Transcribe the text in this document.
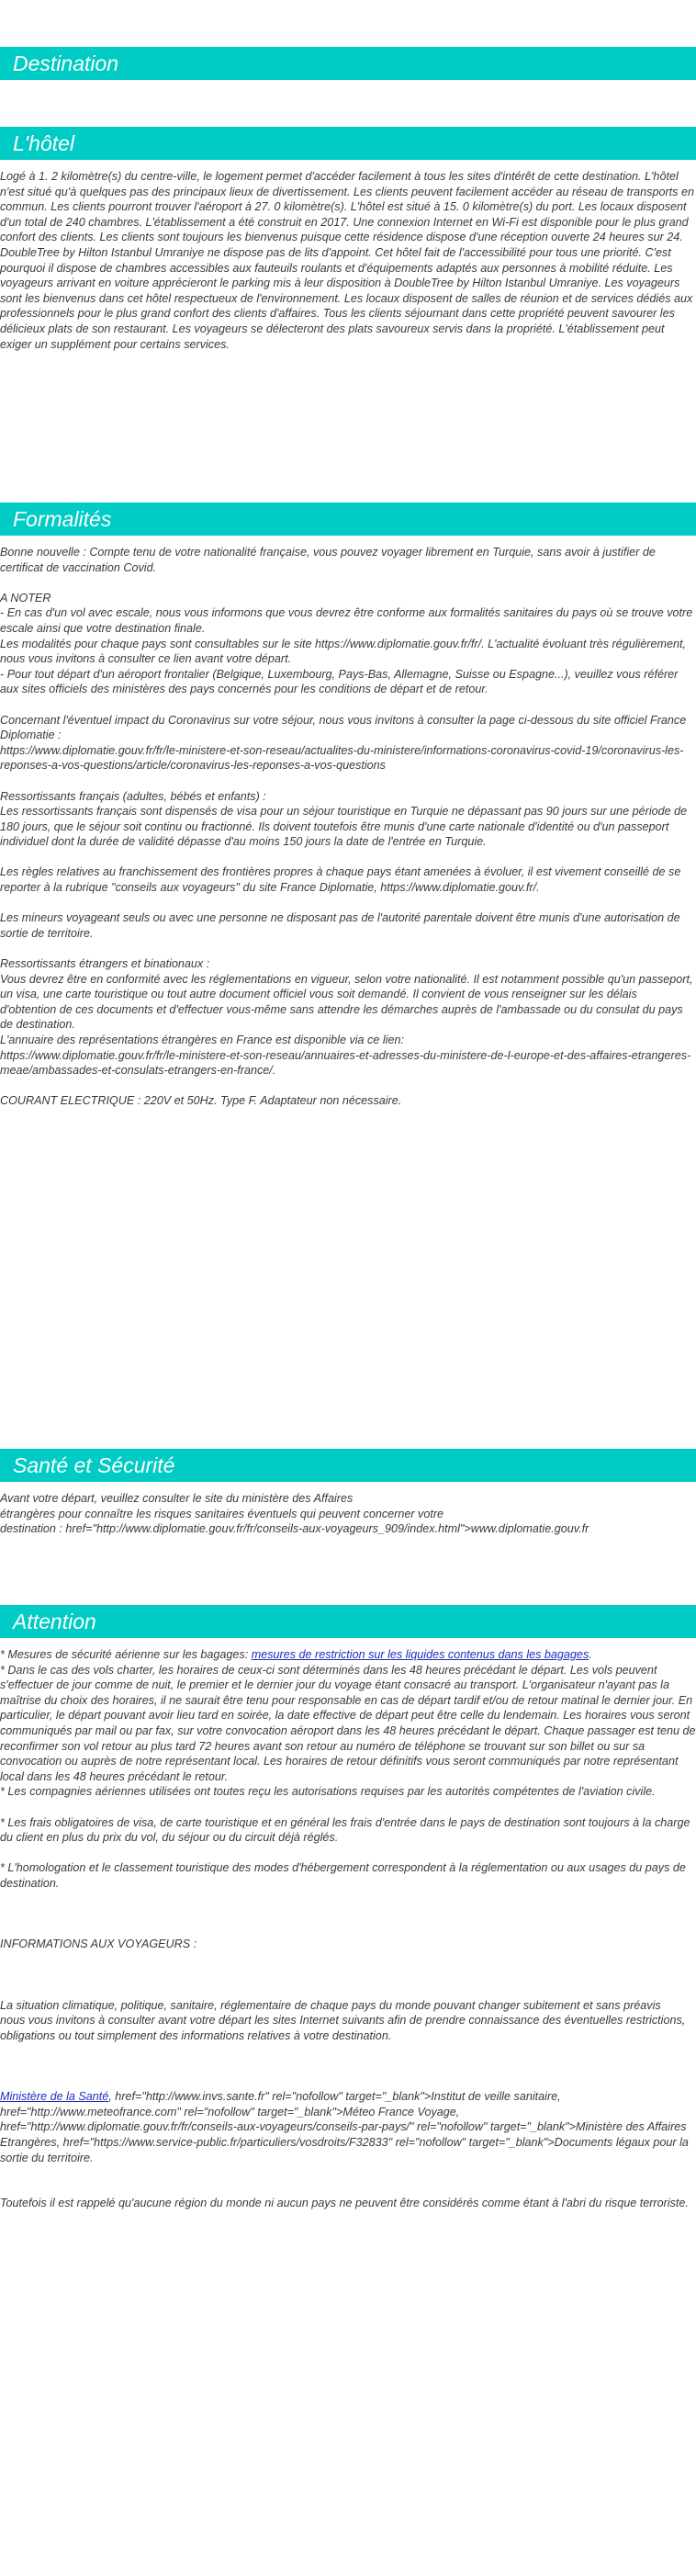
Destination
L'hôtel
Logé à 1. 2 kilomètre(s) du centre-ville, le logement permet d'accéder facilement à tous les sites d'intérêt de cette destination. L'hôtel n'est situé qu'à quelques pas des principaux lieux de divertissement. Les clients peuvent facilement accéder au réseau de transports en commun. Les clients pourront trouver l'aéroport à 27. 0 kilomètre(s). L'hôtel est situé à 15. 0 kilomètre(s) du port. Les locaux disposent d'un total de 240 chambres. L'établissement a été construit en 2017. Une connexion Internet en Wi-Fi est disponible pour le plus grand confort des clients. Les clients sont toujours les bienvenus puisque cette résidence dispose d'une réception ouverte 24 heures sur 24. DoubleTree by Hilton Istanbul Umraniye ne dispose pas de lits d'appoint. Cet hôtel fait de l'accessibilité pour tous une priorité. C'est pourquoi il dispose de chambres accessibles aux fauteuils roulants et d'équipements adaptés aux personnes à mobilité réduite. Les voyageurs arrivant en voiture apprécieront le parking mis à leur disposition à DoubleTree by Hilton Istanbul Umraniye. Les voyageurs sont les bienvenus dans cet hôtel respectueux de l'environnement. Les locaux disposent de salles de réunion et de services dédiés aux professionnels pour le plus grand confort des clients d'affaires. Tous les clients séjournant dans cette propriété peuvent savourer les délicieux plats de son restaurant. Les voyageurs se délecteront des plats savoureux servis dans la propriété. L'établissement peut exiger un supplément pour certains services.
Formalités
Bonne nouvelle : Compte tenu de votre nationalité française, vous pouvez voyager librement en Turquie, sans avoir à justifier de certificat de vaccination Covid.
A NOTER
- En cas d'un vol avec escale, nous vous informons que vous devrez être conforme aux formalités sanitaires du pays où se trouve votre escale ainsi que votre destination finale.
Les modalités pour chaque pays sont consultables sur le site https://www.diplomatie.gouv.fr/fr/. L'actualité évoluant très régulièrement, nous vous invitons à consulter ce lien avant votre départ.
- Pour tout départ d'un aéroport frontalier (Belgique, Luxembourg, Pays-Bas, Allemagne, Suisse ou Espagne...), veuillez vous référer aux sites officiels des ministères des pays concernés pour les conditions de départ et de retour.
Concernant l'éventuel impact du Coronavirus sur votre séjour, nous vous invitons à consulter la page ci-dessous du site officiel France Diplomatie :
https://www.diplomatie.gouv.fr/fr/le-ministere-et-son-reseau/actualites-du-ministere/informations-coronavirus-covid-19/coronavirus-les-reponses-a-vos-questions/article/coronavirus-les-reponses-a-vos-questions
Ressortissants français (adultes, bébés et enfants) :
Les ressortissants français sont dispensés de visa pour un séjour touristique en Turquie ne dépassant pas 90 jours sur une période de 180 jours, que le séjour soit continu ou fractionné. Ils doivent toutefois être munis d'une carte nationale d'identité ou d'un passeport individuel dont la durée de validité dépasse d'au moins 150 jours la date de l'entrée en Turquie.
Les règles relatives au franchissement des frontières propres à chaque pays étant amenées à évoluer, il est vivement conseillé de se reporter à la rubrique "conseils aux voyageurs" du site France Diplomatie, https://www.diplomatie.gouv.fr/.
Les mineurs voyageant seuls ou avec une personne ne disposant pas de l'autorité parentale doivent être munis d'une autorisation de sortie de territoire.
Ressortissants étrangers et binationaux :
Vous devrez être en conformité avec les réglementations en vigueur, selon votre nationalité. Il est notamment possible qu'un passeport, un visa, une carte touristique ou tout autre document officiel vous soit demandé. Il convient de vous renseigner sur les délais d'obtention de ces documents et d'effectuer vous-même sans attendre les démarches auprès de l'ambassade ou du consulat du pays de destination.
L'annuaire des représentations étrangères en France est disponible via ce lien:
https://www.diplomatie.gouv.fr/fr/le-ministere-et-son-reseau/annuaires-et-adresses-du-ministere-de-l-europe-et-des-affaires-etrangeres-meae/ambassades-et-consulats-etrangers-en-france/.
COURANT ELECTRIQUE : 220V et 50Hz. Type F. Adaptateur non nécessaire.
Santé et Sécurité
Avant votre départ, veuillez consulter le site du ministère des Affaires
étrangères pour connaître les risques sanitaires éventuels qui peuvent concerner votre
destination : href="http://www.diplomatie.gouv.fr/fr/conseils-aux-voyageurs_909/index.html">www.diplomatie.gouv.fr
Attention
* Mesures de sécurité aérienne sur les bagages: mesures de restriction sur les liquides contenus dans les bagages.
* Dans le cas des vols charter, les horaires de ceux-ci sont déterminés dans les 48 heures précédant le départ. Les vols peuvent s'effectuer de jour comme de nuit, le premier et le dernier jour du voyage étant consacré au transport. L'organisateur n'ayant pas la maîtrise du choix des horaires, il ne saurait être tenu pour responsable en cas de départ tardif et/ou de retour matinal le dernier jour. En particulier, le départ pouvant avoir lieu tard en soirée, la date effective de départ peut être celle du lendemain. Les horaires vous seront communiqués par mail ou par fax, sur votre convocation aéroport dans les 48 heures précédant le départ. Chaque passager est tenu de reconfirmer son vol retour au plus tard 72 heures avant son retour au numéro de téléphone se trouvant sur son billet ou sur sa convocation ou auprès de notre représentant local. Les horaires de retour définitifs vous seront communiqués par notre représentant local dans les 48 heures précédant le retour.
* Les compagnies aériennes utilisées ont toutes reçu les autorisations requises par les autorités compétentes de l'aviation civile.
* Les frais obligatoires de visa, de carte touristique et en général les frais d'entrée dans le pays de destination sont toujours à la charge du client en plus du prix du vol, du séjour ou du circuit déjà réglés.
* L'homologation et le classement touristique des modes d'hébergement correspondent à la réglementation ou aux usages du pays de destination.
INFORMATIONS AUX VOYAGEURS :
La situation climatique, politique, sanitaire, réglementaire de chaque pays du monde pouvant changer subitement et sans préavis
nous vous invitons à consulter avant votre départ les sites Internet suivants afin de prendre connaissance des éventuelles restrictions, obligations ou tout simplement des informations relatives à votre destination.
Ministère de la Santé, href="http://www.invs.sante.fr" rel="nofollow" target="_blank">Institut de veille sanitaire, href="http://www.meteofrance.com" rel="nofollow" target="_blank">Méteo France Voyage, href="http://www.diplomatie.gouv.fr/fr/conseils-aux-voyageurs/conseils-par-pays/" rel="nofollow" target="_blank">Ministère des Affaires Etrangères, href="https://www.service-public.fr/particuliers/vosdroits/F32833" rel="nofollow" target="_blank">Documents légaux pour la sortie du territoire.
Toutefois il est rappelé qu'aucune région du monde ni aucun pays ne peuvent être considérés comme étant à l'abri du risque terroriste.
